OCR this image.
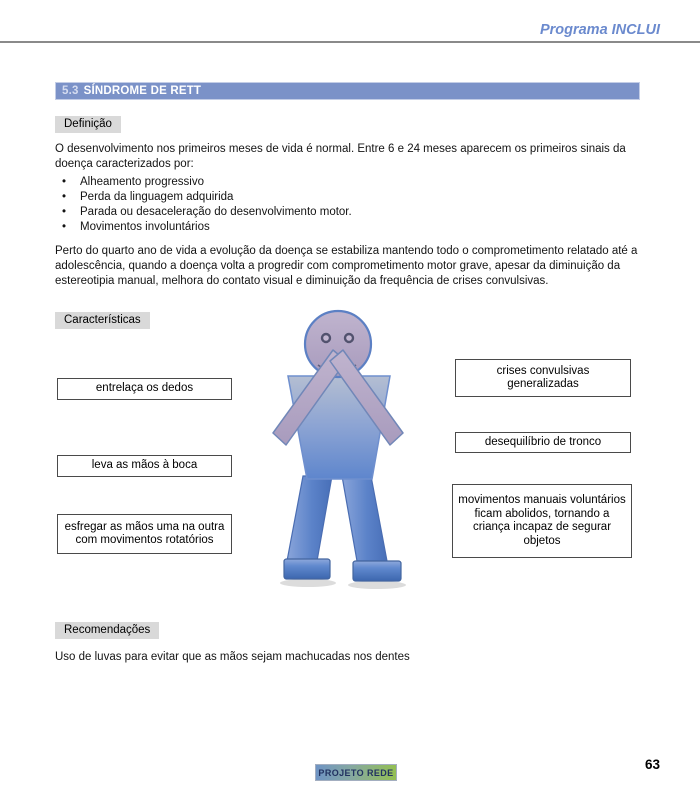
Programa INCLUI
5.3 SÍNDROME DE RETT
Definição
O desenvolvimento nos primeiros meses de vida é normal. Entre 6 e 24 meses aparecem os primeiros sinais da doença caracterizados por:
•	Alheamento progressivo
•	Perda da linguagem adquirida
•	Parada ou desaceleração do desenvolvimento motor.
•	Movimentos involuntários
Perto do quarto ano de vida a evolução da doença se estabiliza mantendo todo o comprometimento relatado até a adolescência, quando a doença volta a progredir com comprometimento motor grave, apesar da diminuição da estereotipia manual, melhora do contato visual e diminuição da frequência de crises convulsivas.
Características
entrelaça os dedos
leva as mãos à boca
esfregar as mãos uma na outra com movimentos rotatórios
crises convulsivas generalizadas
desequilíbrio de tronco
movimentos manuais voluntários ficam abolidos, tornando a criança incapaz de segurar objetos
Recomendações
Uso de luvas para evitar que as mãos sejam machucadas nos dentes
PROJETO REDE
63
